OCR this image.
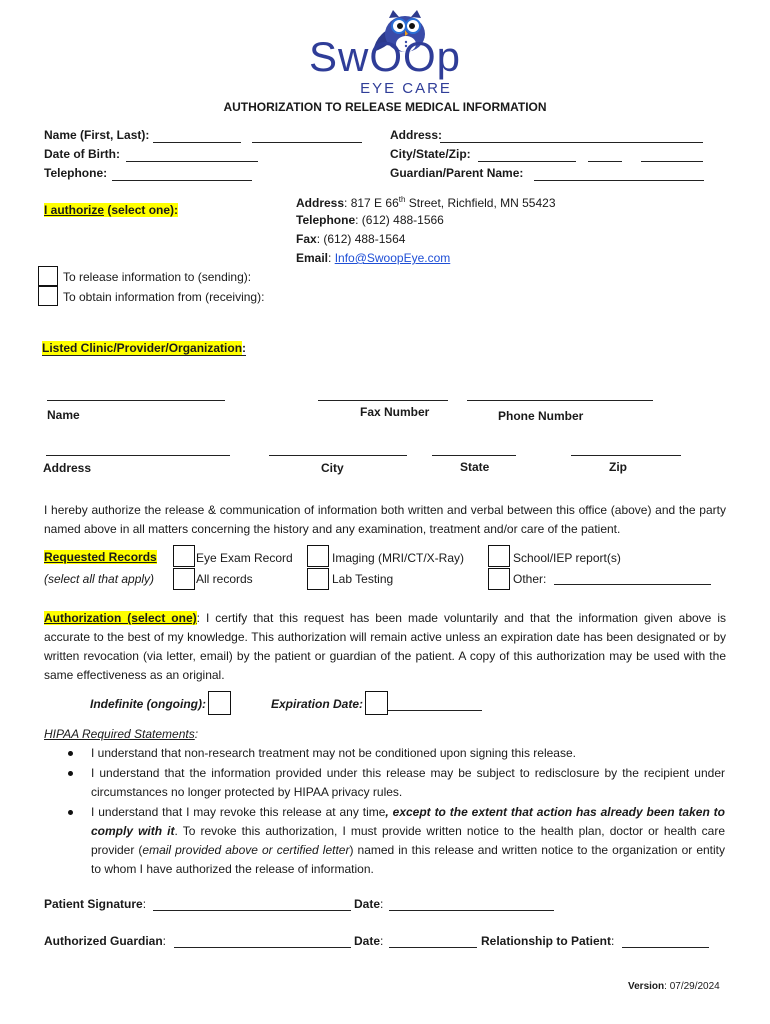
SwOOp
EYE CARE
AUTHORIZATION TO RELEASE MEDICAL INFORMATION
Name (First, Last):
Date of Birth:
Telephone:
Address:
City/State/Zip:
Guardian/Parent Name:
I authorize (select one):	Address: 817 E 66th Street, Richfield, MN 55423
Telephone: (612) 488-1566
Fax: (612) 488-1564
Email: Info@SwoopEye.com
To release information to (sending):
To obtain information from (receiving):
Listed Clinic/Provider/Organization:
Name	Fax Number	Phone Number
Address	City	State	Zip
I hereby authorize the release & communication of information both written and verbal between this office (above) and the party named above in all matters concerning the history and any examination, treatment and/or care of the patient.
Requested Records
(select all that apply)
Eye Exam Record
All records
Imaging (MRI/CT/X-Ray)
Lab Testing
School/IEP report(s)
Other:
Authorization (select one): I certify that this request has been made voluntarily and that the information given above is accurate to the best of my knowledge. This authorization will remain active unless an expiration date has been designated or by written revocation (via letter, email) by the patient or guardian of the patient. A copy of this authorization may be used with the same effectiveness as an original.
Indefinite (ongoing):	Expiration Date:
HIPAA Required Statements:
I understand that non-research treatment may not be conditioned upon signing this release.
I understand that the information provided under this release may be subject to redisclosure by the recipient under circumstances no longer protected by HIPAA privacy rules.
I understand that I may revoke this release at any time, except to the extent that action has already been taken to comply with it. To revoke this authorization, I must provide written notice to the health plan, doctor or health care provider (email provided above or certified letter) named in this release and written notice to the organization or entity to whom I have authorized the release of information.
Patient Signature:	Date:
Authorized Guardian:	Date:	Relationship to Patient:
Version: 07/29/2024
